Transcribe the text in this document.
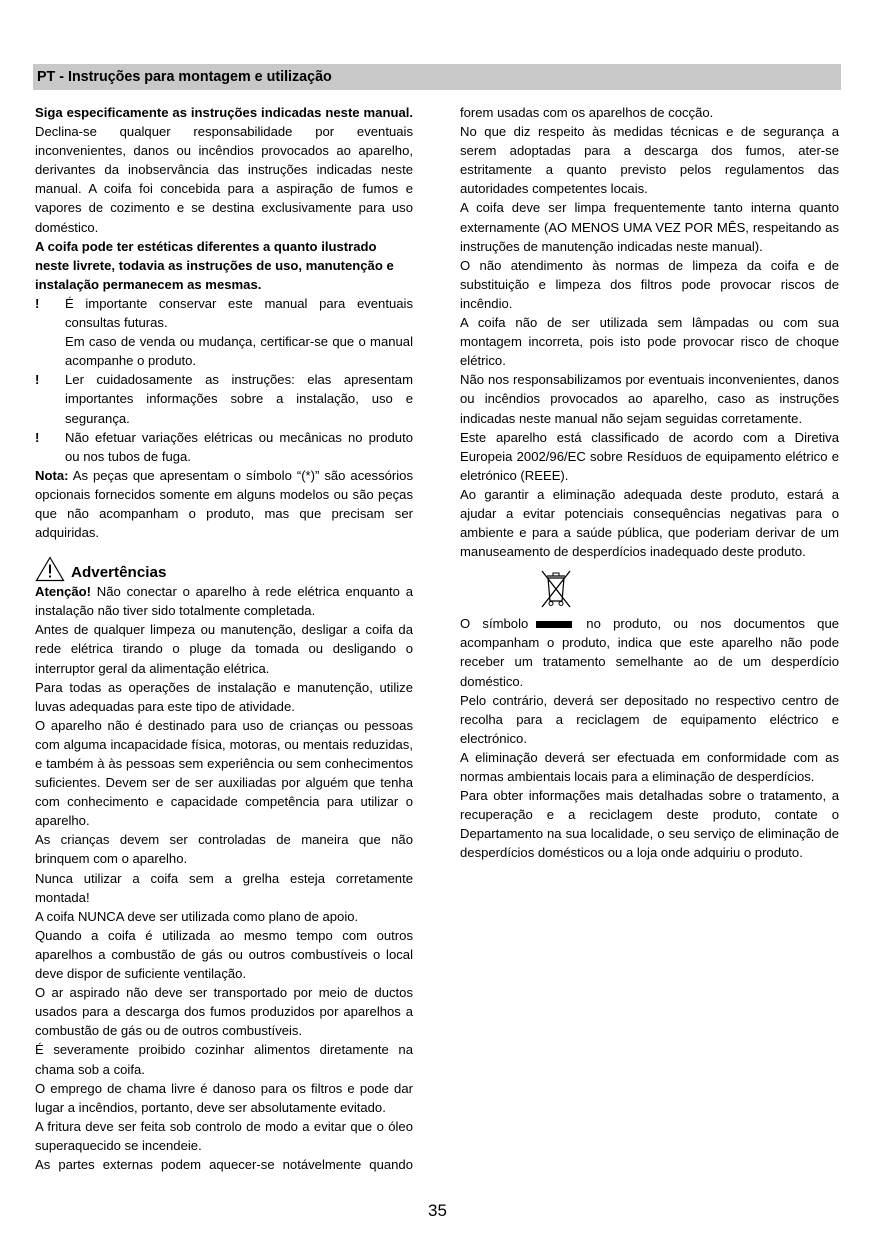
PT - Instruções para montagem e utilização

Siga especificamente as instruções indicadas neste manual. Declina-se qualquer responsabilidade por eventuais inconvenientes, danos ou incêndios provocados ao aparelho, derivantes da inobservância das instruções indicadas neste manual. A coifa foi concebida para a aspiração de fumos e vapores de cozimento e se destina exclusivamente para uso doméstico.

A coifa pode ter estéticas diferentes a quanto ilustrado neste livrete, todavia as instruções de uso, manutenção e instalação permanecem as mesmas.

!	É importante conservar este manual para eventuais consultas futuras.

Em caso de venda ou mudança, certificar-se que o manual acompanhe o produto.

!	Ler cuidadosamente as instruções: elas apresentam importantes informações sobre a instalação, uso e segurança.

!	Não efetuar variações elétricas ou mecânicas no produto ou nos tubos de fuga.

Nota: As peças que apresentam o símbolo “(*)” são acessórios opcionais fornecidos somente em alguns modelos ou são peças que não acompanham o produto, mas que precisam ser adquiridas.

Advertências

Atenção! Não conectar o aparelho à rede elétrica enquanto a instalação não tiver sido totalmente completada.

Antes de qualquer limpeza ou manutenção, desligar a coifa da rede elétrica tirando o pluge da tomada ou desligando o interruptor geral da alimentação elétrica.

Para todas as operações de instalação e manutenção, utilize luvas adequadas para este tipo de atividade.

O aparelho não é destinado para uso de crianças ou pessoas com alguma incapacidade física, motoras, ou mentais reduzidas, e também à às pessoas sem experiência ou sem conhecimentos suficientes. Devem ser de ser auxiliadas por alguém que tenha com conhecimento e capacidade competência para utilizar o aparelho.

As crianças devem ser controladas de maneira que não brinquem com o aparelho.

Nunca utilizar a coifa sem a grelha esteja corretamente montada!

A coifa NUNCA deve ser utilizada como plano de apoio.

Quando a coifa é utilizada ao mesmo tempo com outros aparelhos a combustão de gás ou outros combustíveis o local deve dispor de suficiente ventilação.

O ar aspirado não deve ser transportado por meio de ductos usados para a descarga dos fumos produzidos por aparelhos a combustão de gás ou de outros combustíveis.

É severamente proibido cozinhar alimentos diretamente na chama sob a coifa.

O emprego de chama livre é danoso para os filtros e pode dar lugar a incêndios, portanto, deve ser absolutamente evitado.

A fritura deve ser feita sob controlo de modo a evitar que o óleo superaquecido se incendeie.

As partes externas podem aquecer-se notávelmente quando

forem usadas com os aparelhos de cocção.

No que diz respeito às medidas técnicas e de segurança a serem adoptadas para a descarga dos fumos, ater-se estritamente a quanto previsto pelos regulamentos das autoridades competentes locais.

A coifa deve ser limpa frequentemente tanto interna quanto externamente (AO MENOS UMA VEZ POR MÊS, respeitando as instruções de manutenção indicadas neste manual).

O não atendimento às normas de limpeza da coifa e de substituição e limpeza dos filtros pode provocar riscos de incêndio.

A coifa não de ser utilizada sem lâmpadas ou com sua montagem incorreta, pois isto pode provocar risco de choque elétrico.

Não nos responsabilizamos por eventuais inconvenientes, danos ou incêndios provocados ao aparelho, caso as instruções indicadas neste manual não sejam seguidas corretamente.

Este aparelho está classificado de acordo com a Diretiva Europeia 2002/96/EC sobre Resíduos de equipamento elétrico e eletrónico (REEE).

Ao garantir a eliminação adequada deste produto, estará a ajudar a evitar potenciais consequências negativas para o ambiente e para a saúde pública, que poderiam derivar de um manuseamento de desperdícios inadequado deste produto.

O símbolo	no produto, ou nos documentos que acompanham o produto, indica que este aparelho não pode receber um tratamento semelhante ao de um desperdício doméstico.

Pelo contrário, deverá ser depositado no respectivo centro de recolha para a reciclagem de equipamento eléctrico e electrónico.

A eliminação deverá ser efectuada em conformidade com as normas ambientais locais para a eliminação de desperdícios.

Para obter informações mais detalhadas sobre o tratamento, a recuperação e a reciclagem deste produto, contate o Departamento na sua localidade, o seu serviço de eliminação de desperdícios domésticos ou a loja onde adquiriu o produto.

35
